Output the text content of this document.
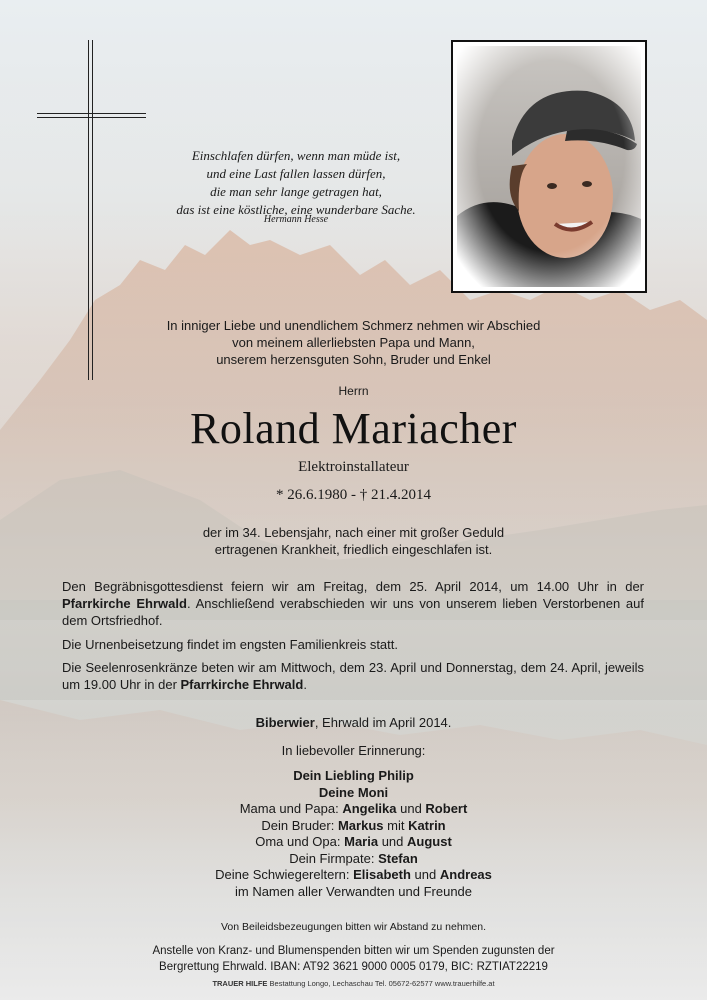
Einschlafen dürfen, wenn man müde ist,
und eine Last fallen lassen dürfen,
die man sehr lange getragen hat,
das ist eine köstliche, eine wunderbare Sache.
Hermann Hesse
In inniger Liebe und unendlichem Schmerz nehmen wir Abschied
von meinem allerliebsten Papa und Mann,
unserem herzensguten Sohn, Bruder und Enkel
Herrn
Roland Mariacher
Elektroinstallateur
* 26.6.1980 - † 21.4.2014
der im 34. Lebensjahr, nach einer mit großer Geduld
ertragenen Krankheit, friedlich eingeschlafen ist.
Den Begräbnisgottesdienst feiern wir am Freitag, dem 25. April 2014, um 14.00 Uhr in der Pfarrkirche Ehrwald. Anschließend verabschieden wir uns von unserem lieben Verstorbenen auf dem Ortsfriedhof.
Die Urnenbeisetzung findet im engsten Familienkreis statt.
Die Seelenrosenkränze beten wir am Mittwoch, dem 23. April und Donnerstag, dem 24. April, jeweils um 19.00 Uhr in der Pfarrkirche Ehrwald.
Biberwier, Ehrwald im April 2014.
In liebevoller Erinnerung:
Dein Liebling Philip
Deine Moni
Mama und Papa: Angelika und Robert
Dein Bruder: Markus mit Katrin
Oma und Opa: Maria und August
Dein Firmpate: Stefan
Deine Schwiegereltern: Elisabeth und Andreas
im Namen aller Verwandten und Freunde
Von Beileidsbezeugungen bitten wir Abstand zu nehmen.
Anstelle von Kranz- und Blumenspenden bitten wir um Spenden zugunsten der
Bergrettung Ehrwald. IBAN: AT92 3621 9000 0005 0179, BIC: RZTIAT22219
TRAUER HILFE Bestattung Longo, Lechaschau Tel. 05672-62577 www.trauerhilfe.at
